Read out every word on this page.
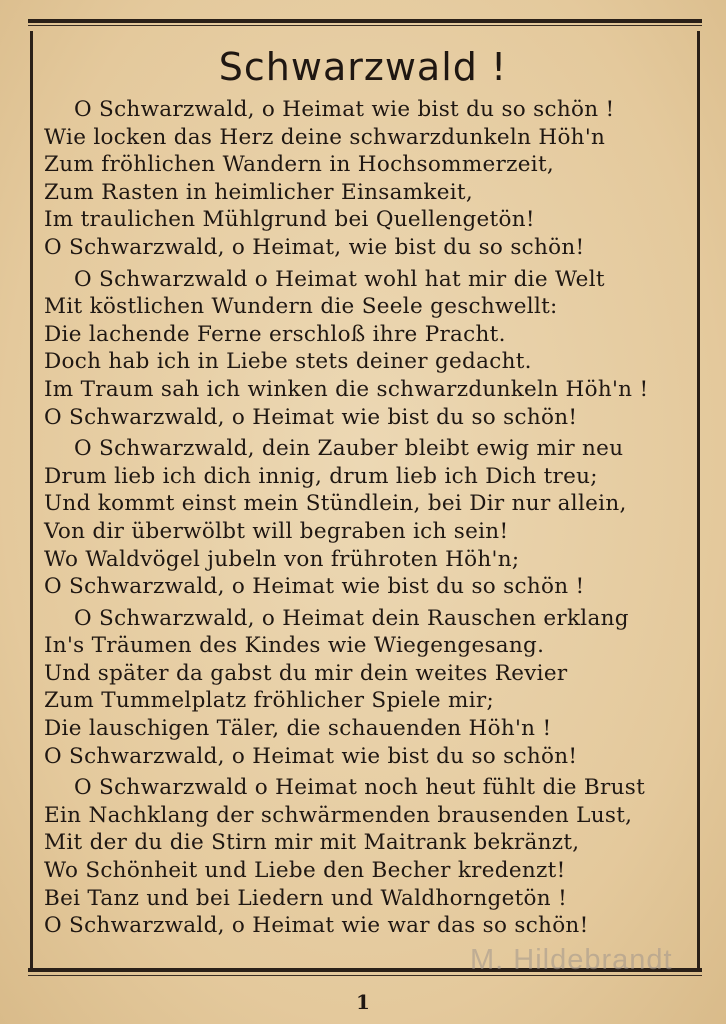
Schwarzwald !
O Schwarzwald, o Heimat wie bist du so schön !
Wie locken das Herz deine schwarzdunkeln Höh'n
Zum fröhlichen Wandern in Hochsommerzeit,
Zum Rasten in heimlicher Einsamkeit,
Im traulichen Mühlgrund bei Quellengetön!
O Schwarzwald, o Heimat, wie bist du so schön!
O Schwarzwald o Heimat wohl hat mir die Welt
Mit köstlichen Wundern die Seele geschwellt:
Die lachende Ferne erschloß ihre Pracht.
Doch hab ich in Liebe stets deiner gedacht.
Im Traum sah ich winken die schwarzdunkeln Höh'n !
O Schwarzwald, o Heimat wie bist du so schön!
O Schwarzwald, dein Zauber bleibt ewig mir neu
Drum lieb ich dich innig, drum lieb ich Dich treu;
Und kommt einst mein Stündlein, bei Dir nur allein,
Von dir überwölbt will begraben ich sein!
Wo Waldvögel jubeln von frühroten Höh'n;
O Schwarzwald, o Heimat wie bist du so schön !
O Schwarzwald, o Heimat dein Rauschen erklang
In's Träumen des Kindes wie Wiegengesang.
Und später da gabst du mir dein weites Revier
Zum Tummelplatz fröhlicher Spiele mir;
Die lauschigen Täler, die schauenden Höh'n !
O Schwarzwald, o Heimat wie bist du so schön!
O Schwarzwald o Heimat noch heut fühlt die Brust
Ein Nachklang der schwärmenden brausenden Lust,
Mit der du die Stirn mir mit Maitrank bekränzt,
Wo Schönheit und Liebe den Becher kredenzt!
Bei Tanz und bei Liedern und Waldhorngetön !
O Schwarzwald, o Heimat wie war das so schön!
M. Hildebrandt
1
